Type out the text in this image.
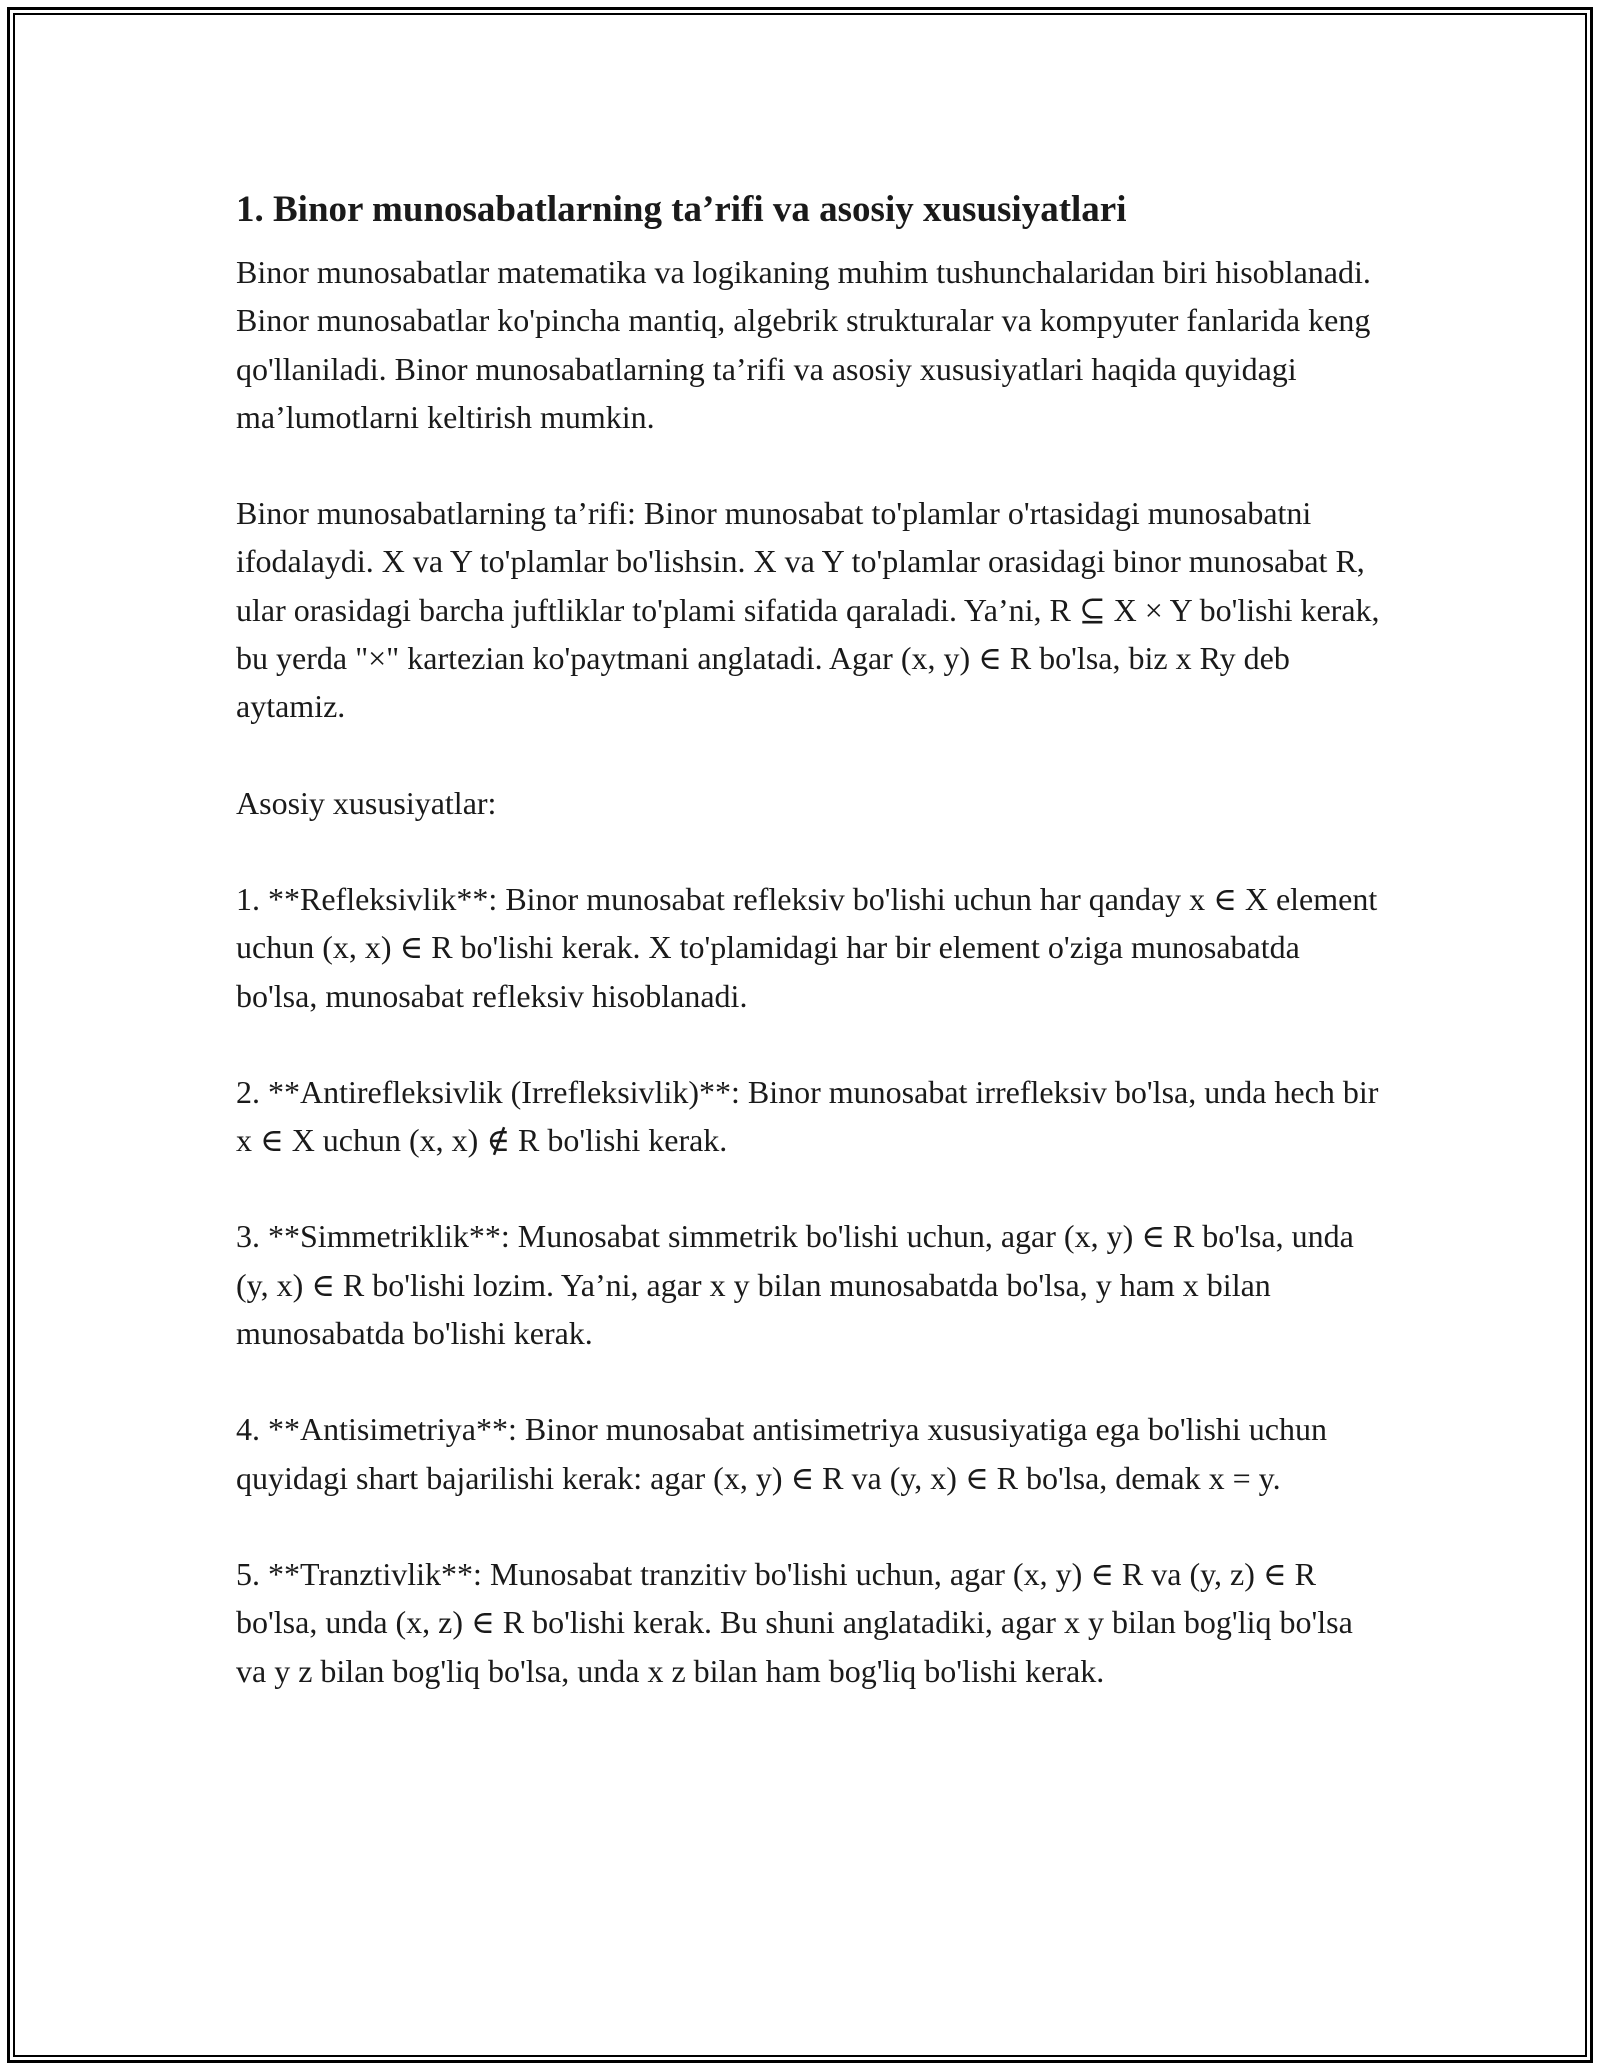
1. Binor munosabatlarning ta’rifi va asosiy xususiyatlari

Binor munosabatlar matematika va logikaning muhim tushunchalaridan biri hisoblanadi. Binor munosabatlar ko'pincha mantiq, algebrik strukturalar va kompyuter fanlarida keng qo'llaniladi. Binor munosabatlarning ta’rifi va asosiy xususiyatlari haqida quyidagi ma’lumotlarni keltirish mumkin.

Binor munosabatlarning ta’rifi: Binor munosabat to'plamlar o'rtasidagi munosabatni ifodalaydi. X va Y to'plamlar bo'lishsin. X va Y to'plamlar orasidagi binor munosabat R, ular orasidagi barcha juftliklar to'plami sifatida qaraladi. Ya’ni, R ⊆ X × Y bo'lishi kerak, bu yerda "×" kartezian ko'paytmani anglatadi. Agar (x, y) ∈ R bo'lsa, biz x Ry deb aytamiz.

Asosiy xususiyatlar:

1. **Refleksivlik**: Binor munosabat refleksiv bo'lishi uchun har qanday x ∈ X element uchun (x, x) ∈ R bo'lishi kerak. X to'plamidagi har bir element o'ziga munosabatda bo'lsa, munosabat refleksiv hisoblanadi.

2. **Antirefleksivlik (Irrefleksivlik)**: Binor munosabat irrefleksiv bo'lsa, unda hech bir x ∈ X uchun (x, x) ∉ R bo'lishi kerak.

3. **Simmetriklik**: Munosabat simmetrik bo'lishi uchun, agar (x, y) ∈ R bo'lsa, unda (y, x) ∈ R bo'lishi lozim. Ya’ni, agar x y bilan munosabatda bo'lsa, y ham x bilan munosabatda bo'lishi kerak.

4. **Antisimetriya**: Binor munosabat antisimetriya xususiyatiga ega bo'lishi uchun quyidagi shart bajarilishi kerak: agar (x, y) ∈ R va (y, x) ∈ R bo'lsa, demak x = y.

5. **Tranztivlik**: Munosabat tranzitiv bo'lishi uchun, agar (x, y) ∈ R va (y, z) ∈ R bo'lsa, unda (x, z) ∈ R bo'lishi kerak. Bu shuni anglatadiki, agar x y bilan bog'liq bo'lsa va y z bilan bog'liq bo'lsa, unda x z bilan ham bog'liq bo'lishi kerak.
